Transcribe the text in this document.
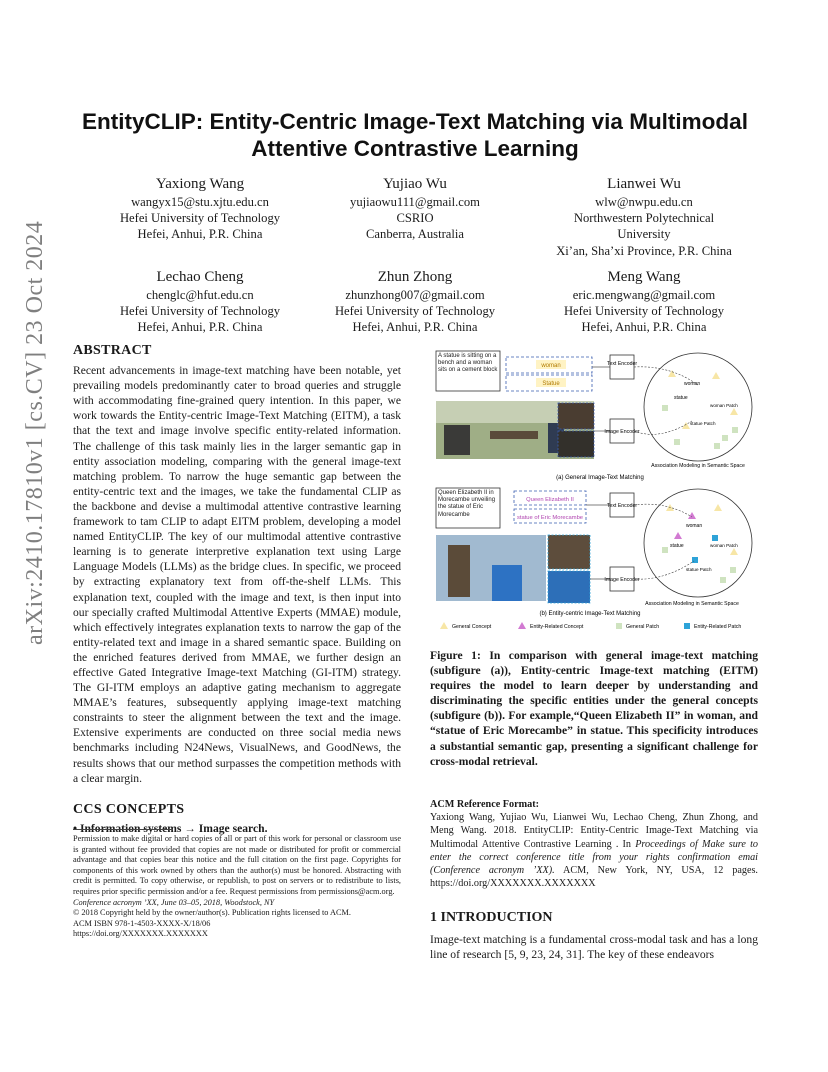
arXiv:2410.17810v1 [cs.CV] 23 Oct 2024
EntityCLIP: Entity-Centric Image-Text Matching via Multimodal Attentive Contrastive Learning
Yaxiong Wang
wangyx15@stu.xjtu.edu.cn
Hefei University of Technology
Hefei, Anhui, P.R. China
Yujiao Wu
yujiaowu111@gmail.com
CSRIO
Canberra, Australia
Lianwei Wu
wlw@nwpu.edu.cn
Northwestern Polytechnical
University
Xi’an, Sha’xi Province, P.R. China
Lechao Cheng
chenglc@hfut.edu.cn
Hefei University of Technology
Hefei, Anhui, P.R. China
Zhun Zhong
zhunzhong007@gmail.com
Hefei University of Technology
Hefei, Anhui, P.R. China
Meng Wang
eric.mengwang@gmail.com
Hefei University of Technology
Hefei, Anhui, P.R. China
ABSTRACT
Recent advancements in image-text matching have been notable, yet prevailing models predominantly cater to broad queries and struggle with accommodating fine-grained query intention. In this paper, we work towards the Entity-centric Image-Text Matching (EITM), a task that the text and image involve specific entity-related information. The challenge of this task mainly lies in the larger semantic gap in entity association modeling, comparing with the general image-text matching problem. To narrow the huge semantic gap between the entity-centric text and the images, we take the fundamental CLIP as the backbone and devise a multimodal attentive contrastive learning framework to tam CLIP to adapt EITM problem, developing a model named EntityCLIP. The key of our multimodal attentive contrastive learning is to generate interpretive explanation text using Large Language Models (LLMs) as the bridge clues. In specific, we proceed by extracting explanatory text from off-the-shelf LLMs. This explanation text, coupled with the image and text, is then input into our specially crafted Multimodal Attentive Experts (MMAE) module, which effectively integrates explanation texts to narrow the gap of the entity-related text and image in a shared semantic space. Building on the enriched features derived from MMAE, we further design an effective Gated Integrative Image-text Matching (GI-ITM) strategy. The GI-ITM employs an adaptive gating mechanism to aggregate MMAE’s features, subsequently applying image-text matching constraints to steer the alignment between the text and the image. Extensive experiments are conducted on three social media news benchmarks including N24News, VisualNews, and GoodNews, the results shows that our method surpasses the competition methods with a clear margin.
CCS CONCEPTS
• Information systems → Image search.
Permission to make digital or hard copies of all or part of this work for personal or classroom use is granted without fee provided that copies are not made or distributed for profit or commercial advantage and that copies bear this notice and the full citation on the first page. Copyrights for components of this work owned by others than the author(s) must be honored. Abstracting with credit is permitted. To copy otherwise, or republish, to post on servers or to redistribute to lists, requires prior specific permission and/or a fee. Request permissions from permissions@acm.org.
Conference acronym ’XX, June 03–05, 2018, Woodstock, NY
© 2018 Copyright held by the owner/author(s). Publication rights licensed to ACM.
ACM ISBN 978-1-4503-XXXX-X/18/06
https://doi.org/XXXXXXX.XXXXXXX
A statue is sitting on a bench and a woman sits on a cement block
woman
Statue
Text Encoder
Image Encoder
woman
statue
woman Patch
statue Patch
Association Modeling in Semantic Space
(a) General Image-Text Matching
Queen Elizabeth II in Morecambe unveiling the statue of Eric Morecambe
Queen Elizabeth II
statue of Eric Morecambe
Text Encoder
Image Encoder
woman
statue	woman Patch
statue Patch
Association Modeling in Semantic Space
(b) Entity-centric Image-Text Matching
General Concept	Entity-Related Concept	General Patch	Entity-Related Patch
Figure 1: In comparison with general image-text matching (subfigure (a)), Entity-centric Image-text matching (EITM) requires the model to learn deeper by understanding and discriminating the specific entities under the general concepts (subfigure (b)). For example,“Queen Elizabeth II” in woman, and “statue of Eric Morecambe” in statue. This specificity introduces a substantial semantic gap, presenting a significant challenge for cross-modal retrieval.
ACM Reference Format:
Yaxiong Wang, Yujiao Wu, Lianwei Wu, Lechao Cheng, Zhun Zhong, and Meng Wang. 2018. EntityCLIP: Entity-Centric Image-Text Matching via Multimodal Attentive Contrastive Learning . In Proceedings of Make sure to enter the correct conference title from your rights confirmation emai (Conference acronym ’XX). ACM, New York, NY, USA, 12 pages. https://doi.org/XXXXXXX.XXXXXXX
1 INTRODUCTION
Image-text matching is a fundamental cross-modal task and has a long line of research [5, 9, 23, 24, 31]. The key of these endeavors
